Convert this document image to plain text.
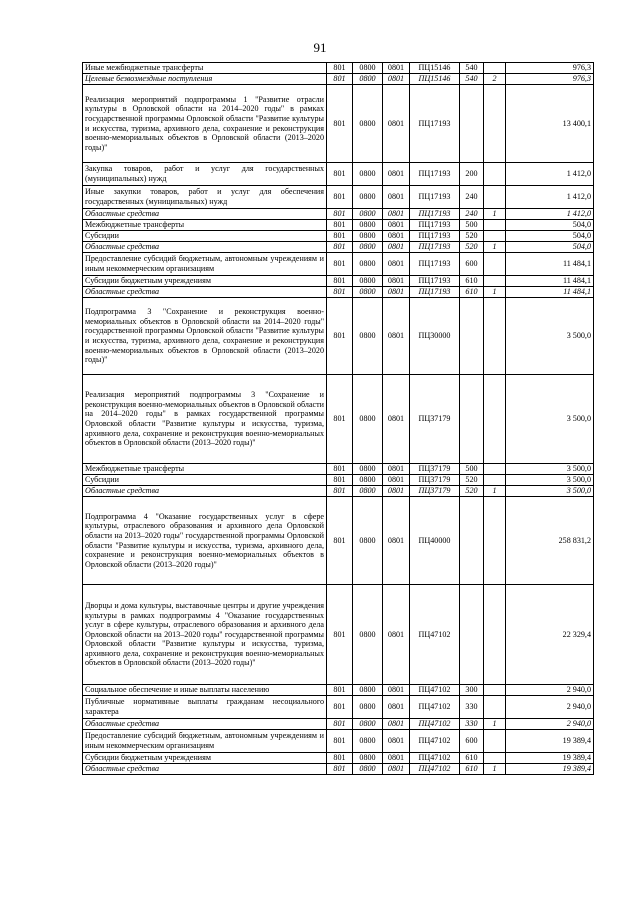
91
Иные межбюджетные трансферты	801	0800	0801	ПЦ15146	540		976,3
Целевые безвозмездные поступления	801	0800	0801	ПЦ15146	540	2	976,3
Реализация мероприятий подпрограммы 1 "Развитие отрасли культуры в Орловской области на 2014–2020 годы" в рамках государственной программы Орловской области "Развитие культуры и искусства, туризма, архивного дела, сохранение и реконструкция военно-мемориальных объектов в Орловской области (2013–2020 годы)"	801	0800	0801	ПЦ17193			13 400,1
Закупка товаров, работ и услуг для государственных (муниципальных) нужд	801	0800	0801	ПЦ17193	200		1 412,0
Иные закупки товаров, работ и услуг для обеспечения государственных (муниципальных) нужд	801	0800	0801	ПЦ17193	240		1 412,0
Областные средства	801	0800	0801	ПЦ17193	240	1	1 412,0
Межбюджетные трансферты	801	0800	0801	ПЦ17193	500		504,0
Субсидии	801	0800	0801	ПЦ17193	520		504,0
Областные средства	801	0800	0801	ПЦ17193	520	1	504,0
Предоставление субсидий бюджетным, автономным учреждениям и иным некоммерческим организациям	801	0800	0801	ПЦ17193	600		11 484,1
Субсидии бюджетным учреждениям	801	0800	0801	ПЦ17193	610		11 484,1
Областные средства	801	0800	0801	ПЦ17193	610	1	11 484,1
Подпрограмма 3 "Сохранение и реконструкция военно-мемориальных объектов в Орловской области на 2014–2020 годы" государственной программы Орловской области "Развитие культуры и искусства, туризма, архивного дела, сохранение и реконструкция военно-мемориальных объектов в Орловской области (2013–2020 годы)"	801	0800	0801	ПЦ30000			3 500,0
Реализация мероприятий подпрограммы 3 "Сохранение и реконструкция военно-мемориальных объектов в Орловской области на 2014–2020 годы" в рамках государственной программы Орловской области "Развитие культуры и искусства, туризма, архивного дела, сохранение и реконструкция военно-мемориальных объектов в Орловской области (2013–2020 годы)"	801	0800	0801	ПЦ37179			3 500,0
Межбюджетные трансферты	801	0800	0801	ПЦ37179	500		3 500,0
Субсидии	801	0800	0801	ПЦ37179	520		3 500,0
Областные средства	801	0800	0801	ПЦ37179	520	1	3 500,0
Подпрограмма 4 "Оказание государственных услуг в сфере культуры, отраслевого образования и архивного дела Орловской области на 2013–2020 годы" государственной программы Орловской области "Развитие культуры и искусства, туризма, архивного дела, сохранение и реконструкция военно-мемориальных объектов в Орловской области (2013–2020 годы)"	801	0800	0801	ПЦ40000			258 831,2
Дворцы и дома культуры, выставочные центры и другие учреждения культуры в рамках подпрограммы 4 "Оказание государственных услуг в сфере культуры, отраслевого образования и архивного дела Орловской области на 2013–2020 годы" государственной программы Орловской области "Развитие культуры и искусства, туризма, архивного дела, сохранение и реконструкция военно-мемориальных объектов в Орловской области (2013–2020 годы)"	801	0800	0801	ПЦ47102			22 329,4
Социальное обеспечение и иные выплаты населению	801	0800	0801	ПЦ47102	300		2 940,0
Публичные нормативные выплаты гражданам несоциального характера	801	0800	0801	ПЦ47102	330		2 940,0
Областные средства	801	0800	0801	ПЦ47102	330	1	2 940,0
Предоставление субсидий бюджетным, автономным учреждениям и иным некоммерческим организациям	801	0800	0801	ПЦ47102	600		19 389,4
Субсидии бюджетным учреждениям	801	0800	0801	ПЦ47102	610		19 389,4
Областные средства	801	0800	0801	ПЦ47102	610	1	19 389,4
